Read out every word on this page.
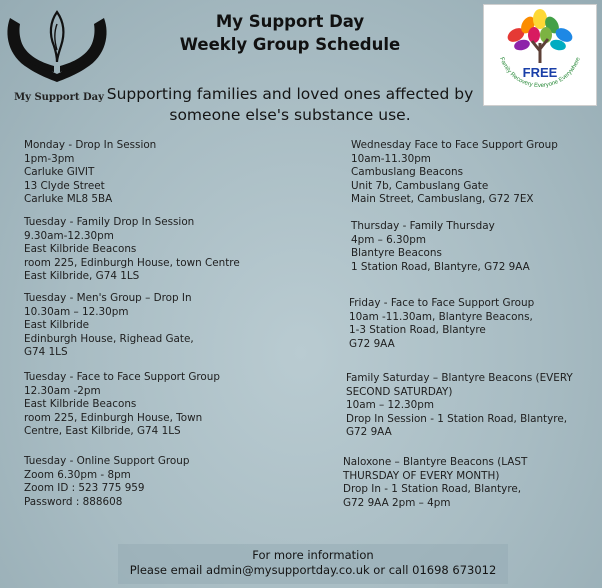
My Support Day
My Support Day
Weekly Group Schedule
Supporting families and loved ones affected by
someone else's substance use.
FREE
Family Recovery Everyone Everywhere
Monday - Drop In Session
1pm-3pm
Carluke GIVIT
13 Clyde Street
Carluke ML8 5BA
Tuesday - Family Drop In Session
9.30am-12.30pm
East Kilbride Beacons
room 225, Edinburgh House, town Centre
East Kilbride, G74 1LS
Tuesday - Men's Group – Drop In
10.30am – 12.30pm
East Kilbride
Edinburgh House, Righead Gate,
G74 1LS
Tuesday - Face to Face Support Group
12.30am -2pm
East Kilbride Beacons
room 225, Edinburgh House, Town
Centre, East Kilbride, G74 1LS
Tuesday - Online Support Group
Zoom 6.30pm - 8pm
Zoom ID : 523 775 959
Password : 888608
Wednesday Face to Face Support Group
10am-11.30pm
Cambuslang Beacons
Unit 7b, Cambuslang Gate
Main Street, Cambuslang, G72 7EX
Thursday - Family Thursday
4pm – 6.30pm
Blantyre Beacons
1 Station Road, Blantyre, G72 9AA
Friday - Face to Face Support Group
10am -11.30am, Blantyre Beacons,
1-3 Station Road, Blantyre
G72 9AA
Family Saturday – Blantyre Beacons (EVERY
SECOND SATURDAY)
10am – 12.30pm
Drop In Session - 1 Station Road, Blantyre,
G72 9AA
Naloxone – Blantyre Beacons (LAST
THURSDAY OF EVERY MONTH)
Drop In - 1 Station Road, Blantyre,
G72 9AA 2pm – 4pm
For more information
Please email admin@mysupportday.co.uk or call 01698 673012
